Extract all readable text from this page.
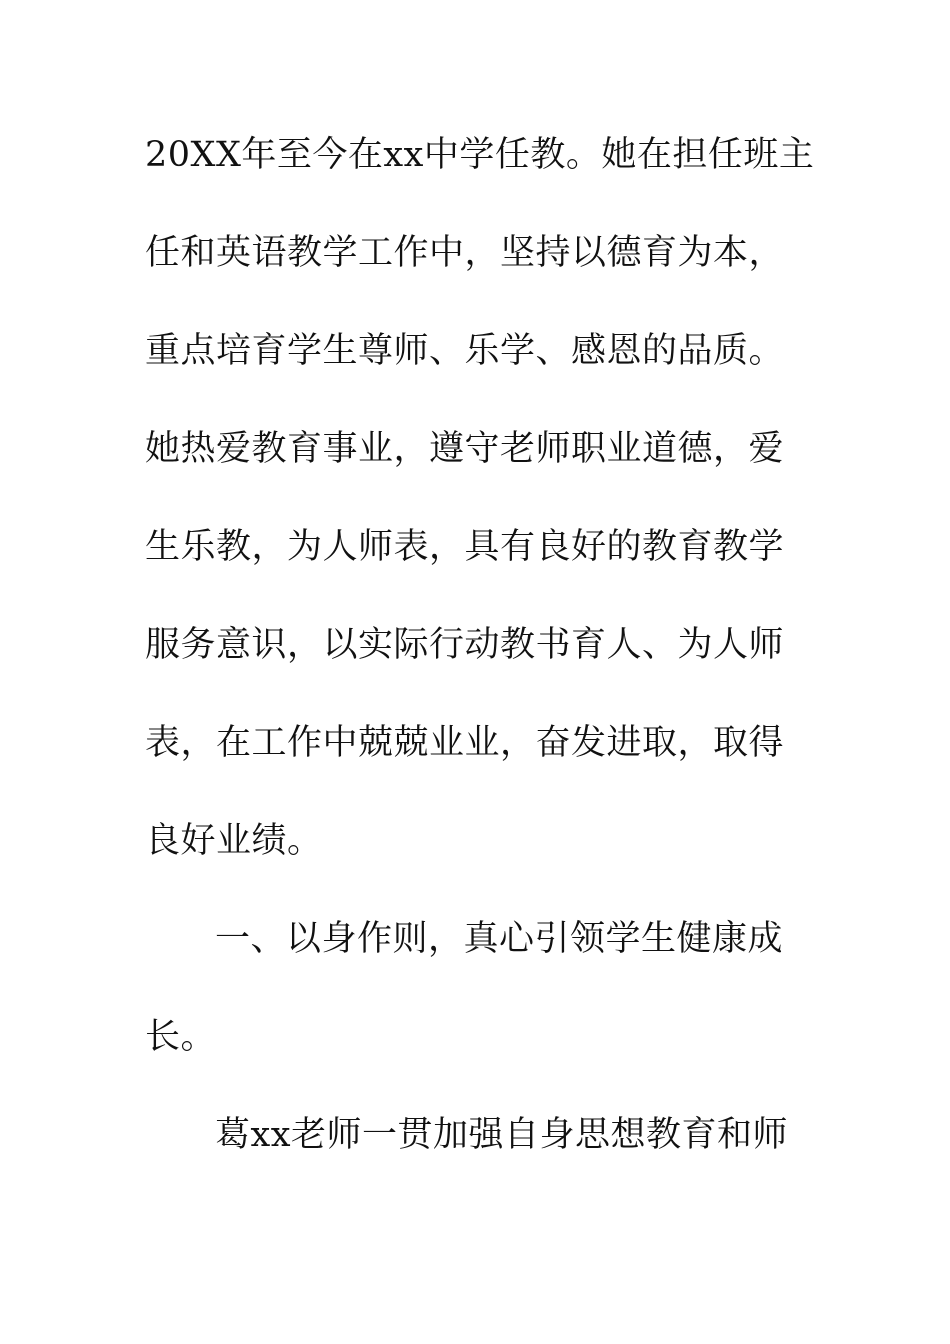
20XX年至今在xx中学任教。她在担任班主
任和英语教学工作中，坚持以德育为本，
重点培育学生尊师、乐学、感恩的品质。
她热爱教育事业，遵守老师职业道德，爱
生乐教，为人师表，具有良好的教育教学
服务意识，以实际行动教书育人、为人师
表，在工作中兢兢业业，奋发进取，取得
良好业绩。
一、以身作则，真心引领学生健康成
长。
葛xx老师一贯加强自身思想教育和师
